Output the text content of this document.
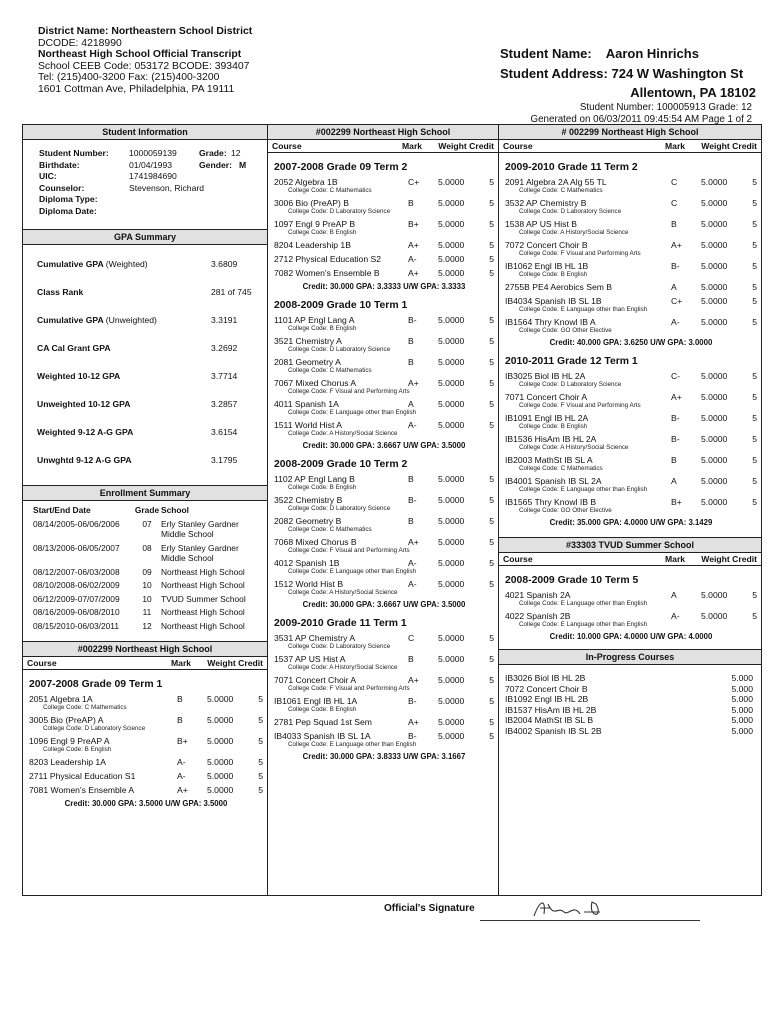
District Name: Northeastern School District
DCODE: 4218990
Northeast High School Official Transcript
School CEEB Code: 053172 BCODE: 393407
Tel: (215)400-3200 Fax: (215)400-3200
1601 Cottman Ave, Philadelphia, PA 19111
Student Name: Aaron Hinrichs
Student Address: 724 W Washington St
Allentown, PA 18102
Student Number: 100005913 Grade: 12
Generated on 06/03/2011 09:45:54 AM Page 1 of 2
Student Information
Student Number:	1000059139	Grade: 12
Birthdate:	01/04/1993	Gender: M
UIC:	1741984690
Counselor:	Stevenson, Richard
Diploma Type:
Diploma Date:
GPA Summary
Cumulative GPA (Weighted)	3.6809
Class Rank	281 of 745
Cumulative GPA (Unweighted)	3.3191
CA Cal Grant GPA	3.2692
Weighted 10-12 GPA	3.7714
Unweighted 10-12 GPA	3.2857
Weighted 9-12 A-G GPA	3.6154
Unwghtd 9-12 A-G GPA	3.1795
Enrollment Summary
Start/End Date	Grade School
08/14/2005-06/06/2006	07	Erly Stanley Gardner Middle School
08/13/2006-06/05/2007	08	Erly Stanley Gardner Middle School
08/12/2007-06/03/2008	09	Northeast High School
08/10/2008-06/02/2009	10	Northeast High School
06/12/2009-07/07/2009	10	TVUD Summer School
08/16/2009-06/08/2010	11	Northeast High School
08/15/2010-06/03/2011	12	Northeast High School
#002299 Northeast High School
Course	Mark	Weight Credit
2007-2008 Grade 09 Term 1
2051 Algebra 1A	B	5.0000	5
College Code: C Mathematics
3005 Bio (PreAP) A	B	5.0000	5
College Code: D Laboratory Science
1096 Engl 9 PreAP A	B+	5.0000	5
College Code: B English
8203 Leadership 1A	A-	5.0000	5
2711 Physical Education S1	A-	5.0000	5
7081 Women's Ensemble A	A+	5.0000	5
Credit: 30.000 GPA: 3.5000 U/W GPA: 3.5000
#002299 Northeast High School
Course	Mark	Weight Credit
2007-2008 Grade 09 Term 2
2052 Algebra 1B	C+	5.0000	5
College Code: C Mathematics
3006 Bio (PreAP) B	B	5.0000	5
College Code: D Laboratory Science
1097 Engl 9 PreAP B	B+	5.0000	5
College Code: B English
8204 Leadership 1B	A+	5.0000	5
2712 Physical Education S2	A-	5.0000	5
7082 Women's Ensemble B	A+	5.0000	5
Credit: 30.000 GPA: 3.3333 U/W GPA: 3.3333
2008-2009 Grade 10 Term 1
1101 AP Engl Lang A	B-	5.0000	5
College Code: B English
3521 Chemistry A	B	5.0000	5
College Code: D Laboratory Science
2081 Geometry A	B	5.0000	5
College Code: C Mathematics
7067 Mixed Chorus A	A+	5.0000	5
College Code: F Visual and Performing Arts
4011 Spanish 1A	A	5.0000	5
College Code: E Language other than English
1511 World Hist A	A-	5.0000	5
College Code: A History/Social Science
Credit: 30.000 GPA: 3.6667 U/W GPA: 3.5000
2008-2009 Grade 10 Term 2
1102 AP Engl Lang B	B	5.0000	5
College Code: B English
3522 Chemistry B	B-	5.0000	5
College Code: D Laboratory Science
2082 Geometry B	B	5.0000	5
College Code: C Mathematics
7068 Mixed Chorus B	A+	5.0000	5
College Code: F Visual and Performing Arts
4012 Spanish 1B	A-	5.0000	5
College Code: E Language other than English
1512 World Hist B	A-	5.0000	5
College Code: A History/Social Science
Credit: 30.000 GPA: 3.6667 U/W GPA: 3.5000
2009-2010 Grade 11 Term 1
3531 AP Chemistry A	C	5.0000	5
College Code: D Laboratory Science
1537 AP US Hist A	B	5.0000	5
College Code: A History/Social Science
7071 Concert Choir A	A+	5.0000	5
College Code: F Visual and Performing Arts
IB1061 Engl IB HL 1A	B-	5.0000	5
College Code: B English
2781 Pep Squad 1st Sem	A+	5.0000	5
IB4033 Spanish IB SL 1A	B-	5.0000	5
College Code: E Language other than English
Credit: 30.000 GPA: 3.8333 U/W GPA: 3.1667
# 002299 Northeast High School
Course	Mark	Weight Credit
2009-2010 Grade 11 Term 2
2091 Algebra 2A Alg 55 TL	C	5.0000	5
College Code: C Mathematics
3532 AP Chemistry B	C	5.0000	5
College Code: D Laboratory Science
1538 AP US Hist B	B	5.0000	5
College Code: A History/Social Science
7072 Concert Choir B	A+	5.0000	5
College Code: F Visual and Performing Arts
IB1062 Engl IB HL 1B	B-	5.0000	5
College Code: B English
2755B PE4 Aerobics Sem B	A	5.0000	5
IB4034 Spanish IB SL 1B	C+	5.0000	5
College Code: E Language other than English
IB1564 Thry Knowl IB A	A-	5.0000	5
College Code: GO Other Elective
Credit: 40.000 GPA: 3.6250 U/W GPA: 3.0000
2010-2011 Grade 12 Term 1
IB3025 Biol IB HL 2A	C-	5.0000	5
College Code: D Laboratory Science
7071 Concert Choir A	A+	5.0000	5
College Code: F Visual and Performing Arts
IB1091 Engl IB HL 2A	B-	5.0000	5
College Code: B English
IB1536 HisAm IB HL 2A	B-	5.0000	5
College Code: A History/Social Science
IB2003 MathSt IB SL A	B	5.0000	5
College Code: C Mathematics
IB4001 Spanish IB SL 2A	A	5.0000	5
College Code: E Language other than English
IB1565 Thry Knowl IB B	B+	5.0000	5
College Code: GO Other Elective
Credit: 35.000 GPA: 4.0000 U/W GPA: 3.1429
#33303 TVUD Summer School
Course	Mark	Weight Credit
2008-2009 Grade 10 Term 5
4021 Spanish 2A	A	5.0000	5
College Code: E Language other than English
4022 Spanish 2B	A-	5.0000	5
College Code: E Language other than English
Credit: 10.000 GPA: 4.0000 U/W GPA: 4.0000
In-Progress Courses
IB3026 Biol IB HL 2B	5.000
7072 Concert Choir B	5.000
IB1092 Engl IB HL 2B	5.000
IB1537 HisAm IB HL 2B	5.000
IB2004 MathSt IB SL B	5.000
IB4002 Spanish IB SL 2B	5.000
Official's Signature
